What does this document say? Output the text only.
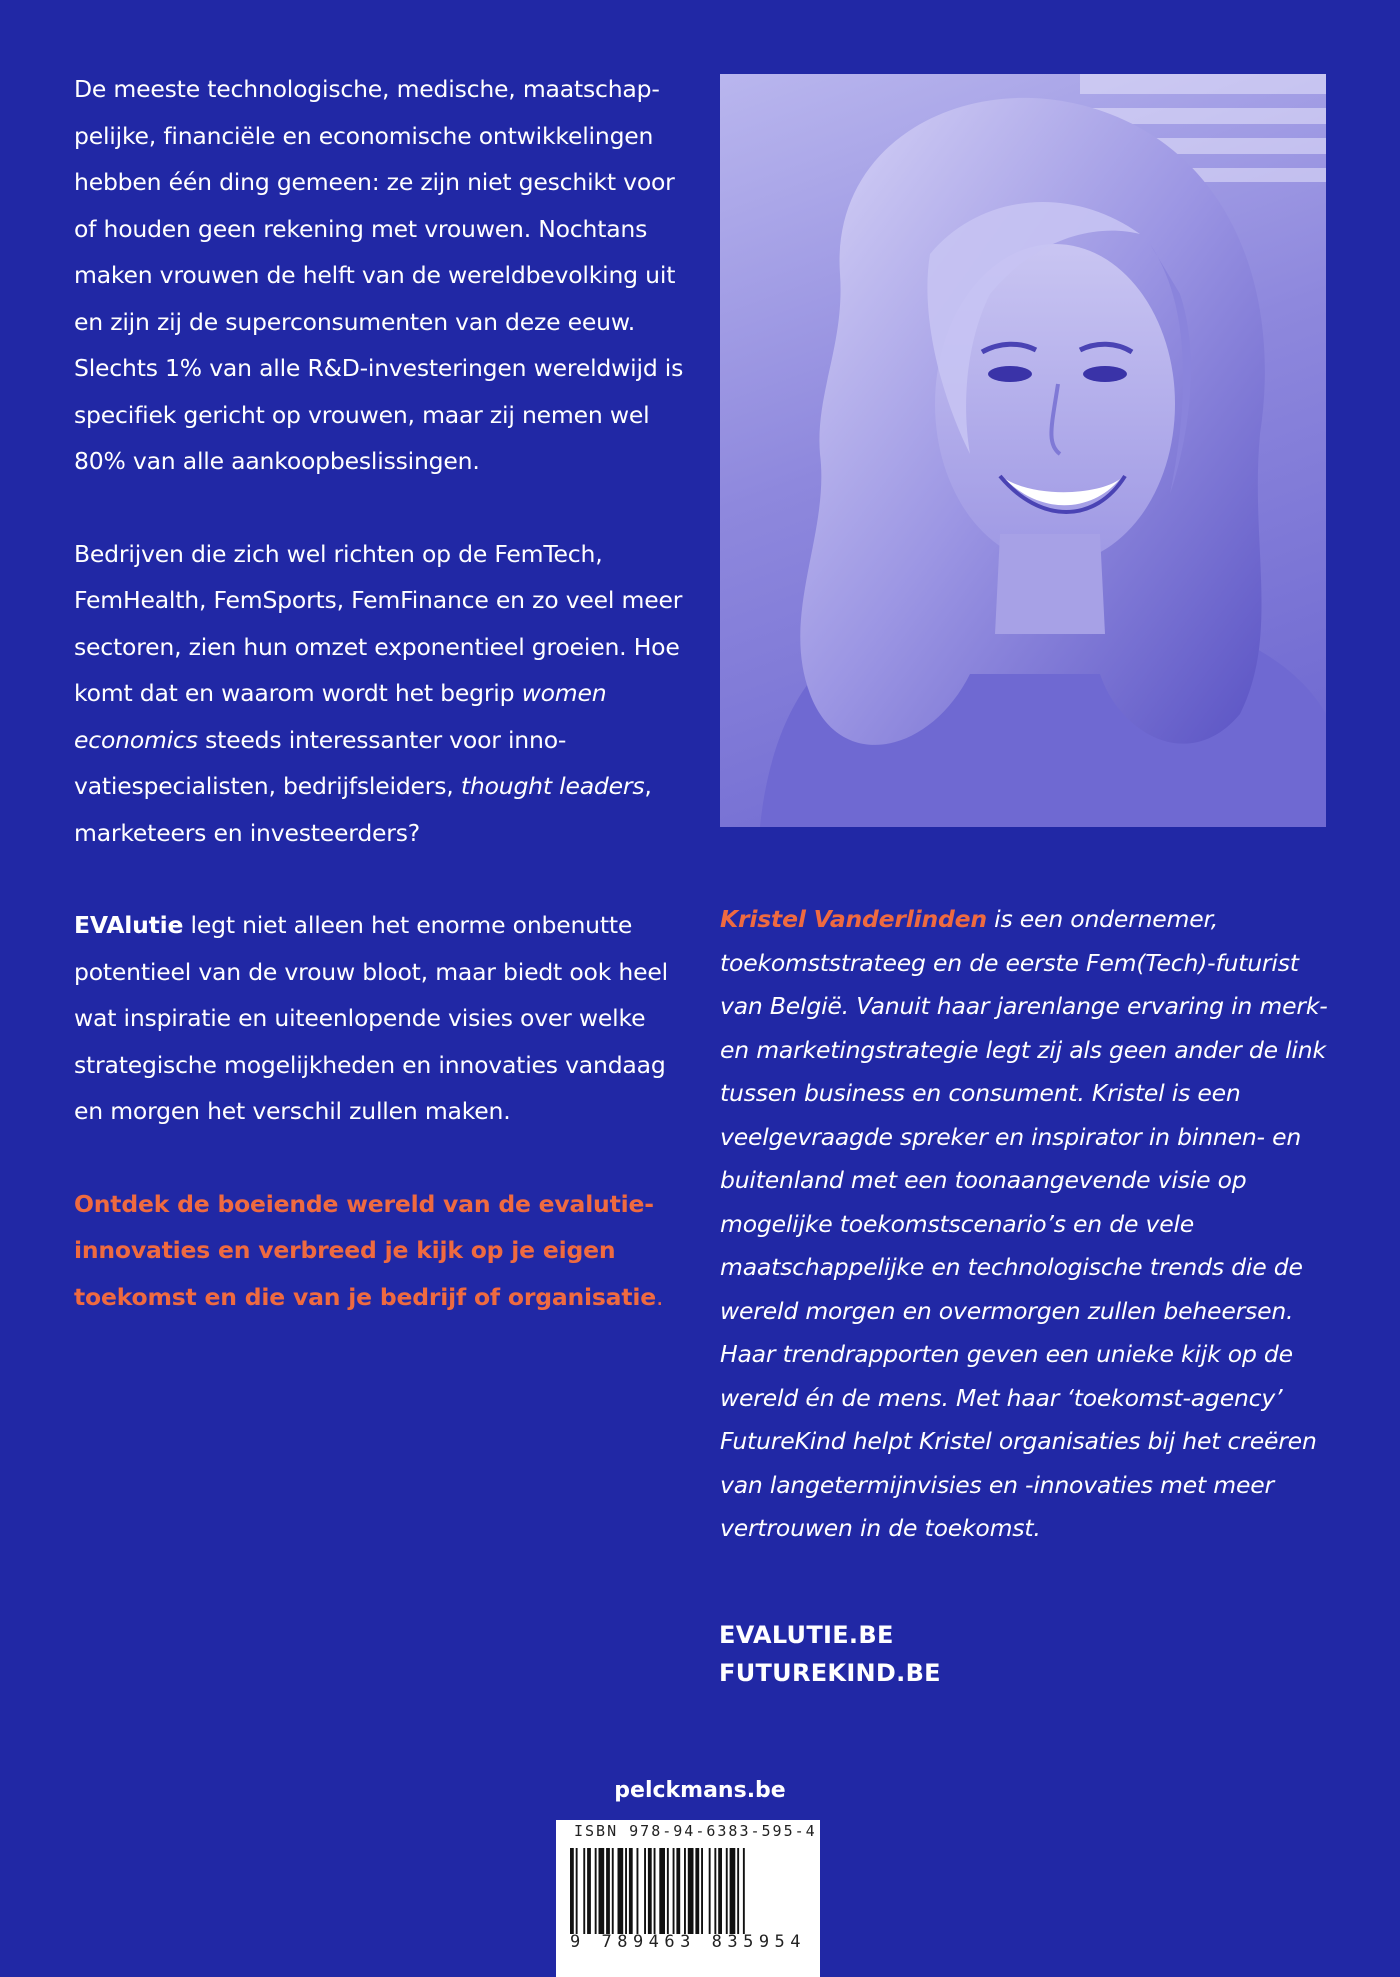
De meeste technologische, medische, maatschappelijke, financiële en economische ontwikkelingen hebben één ding gemeen: ze zijn niet geschikt voor of houden geen rekening met vrouwen. Nochtans maken vrouwen de helft van de wereldbevolking uit en zijn zij de superconsumenten van deze eeuw. Slechts 1% van alle R&D-investeringen wereldwijd is specifiek gericht op vrouwen, maar zij nemen wel 80% van alle aankoopbeslissingen.

Bedrijven die zich wel richten op de FemTech, FemHealth, FemSports, FemFinance en zo veel meer sectoren, zien hun omzet exponentieel groeien. Hoe komt dat en waarom wordt het begrip women economics steeds interessanter voor innovatiespecialisten, bedrijfsleiders, thought leaders, marketeers en investeerders?

EVAlutie legt niet alleen het enorme onbenutte potentieel van de vrouw bloot, maar biedt ook heel wat inspiratie en uiteenlopende visies over welke strategische mogelijkheden en innovaties vandaag en morgen het verschil zullen maken.

Ontdek de boeiende wereld van de evalutie-innovaties en verbreed je kijk op je eigen toekomst en die van je bedrijf of organisatie.

Kristel Vanderlinden is een ondernemer, toekomststrateeg en de eerste Fem(Tech)-futurist van België. Vanuit haar jarenlange ervaring in merk- en marketingstrategie legt zij als geen ander de link tussen business en consument. Kristel is een veelgevraagde spreker en inspirator in binnen- en buitenland met een toonaangevende visie op mogelijke toekomstscenario’s en de vele maatschappelijke en technologische trends die de wereld morgen en overmorgen zullen beheersen. Haar trendrapporten geven een unieke kijk op de wereld én de mens. Met haar ‘toekomst-agency’ FutureKind helpt Kristel organisaties bij het creëren van langetermijnvisies en -innovaties met meer vertrouwen in de toekomst.

EVALUTIE.BE
FUTUREKIND.BE
pelckmans.be
ISBN 978-94-6383-595-4
9 789463 835954
